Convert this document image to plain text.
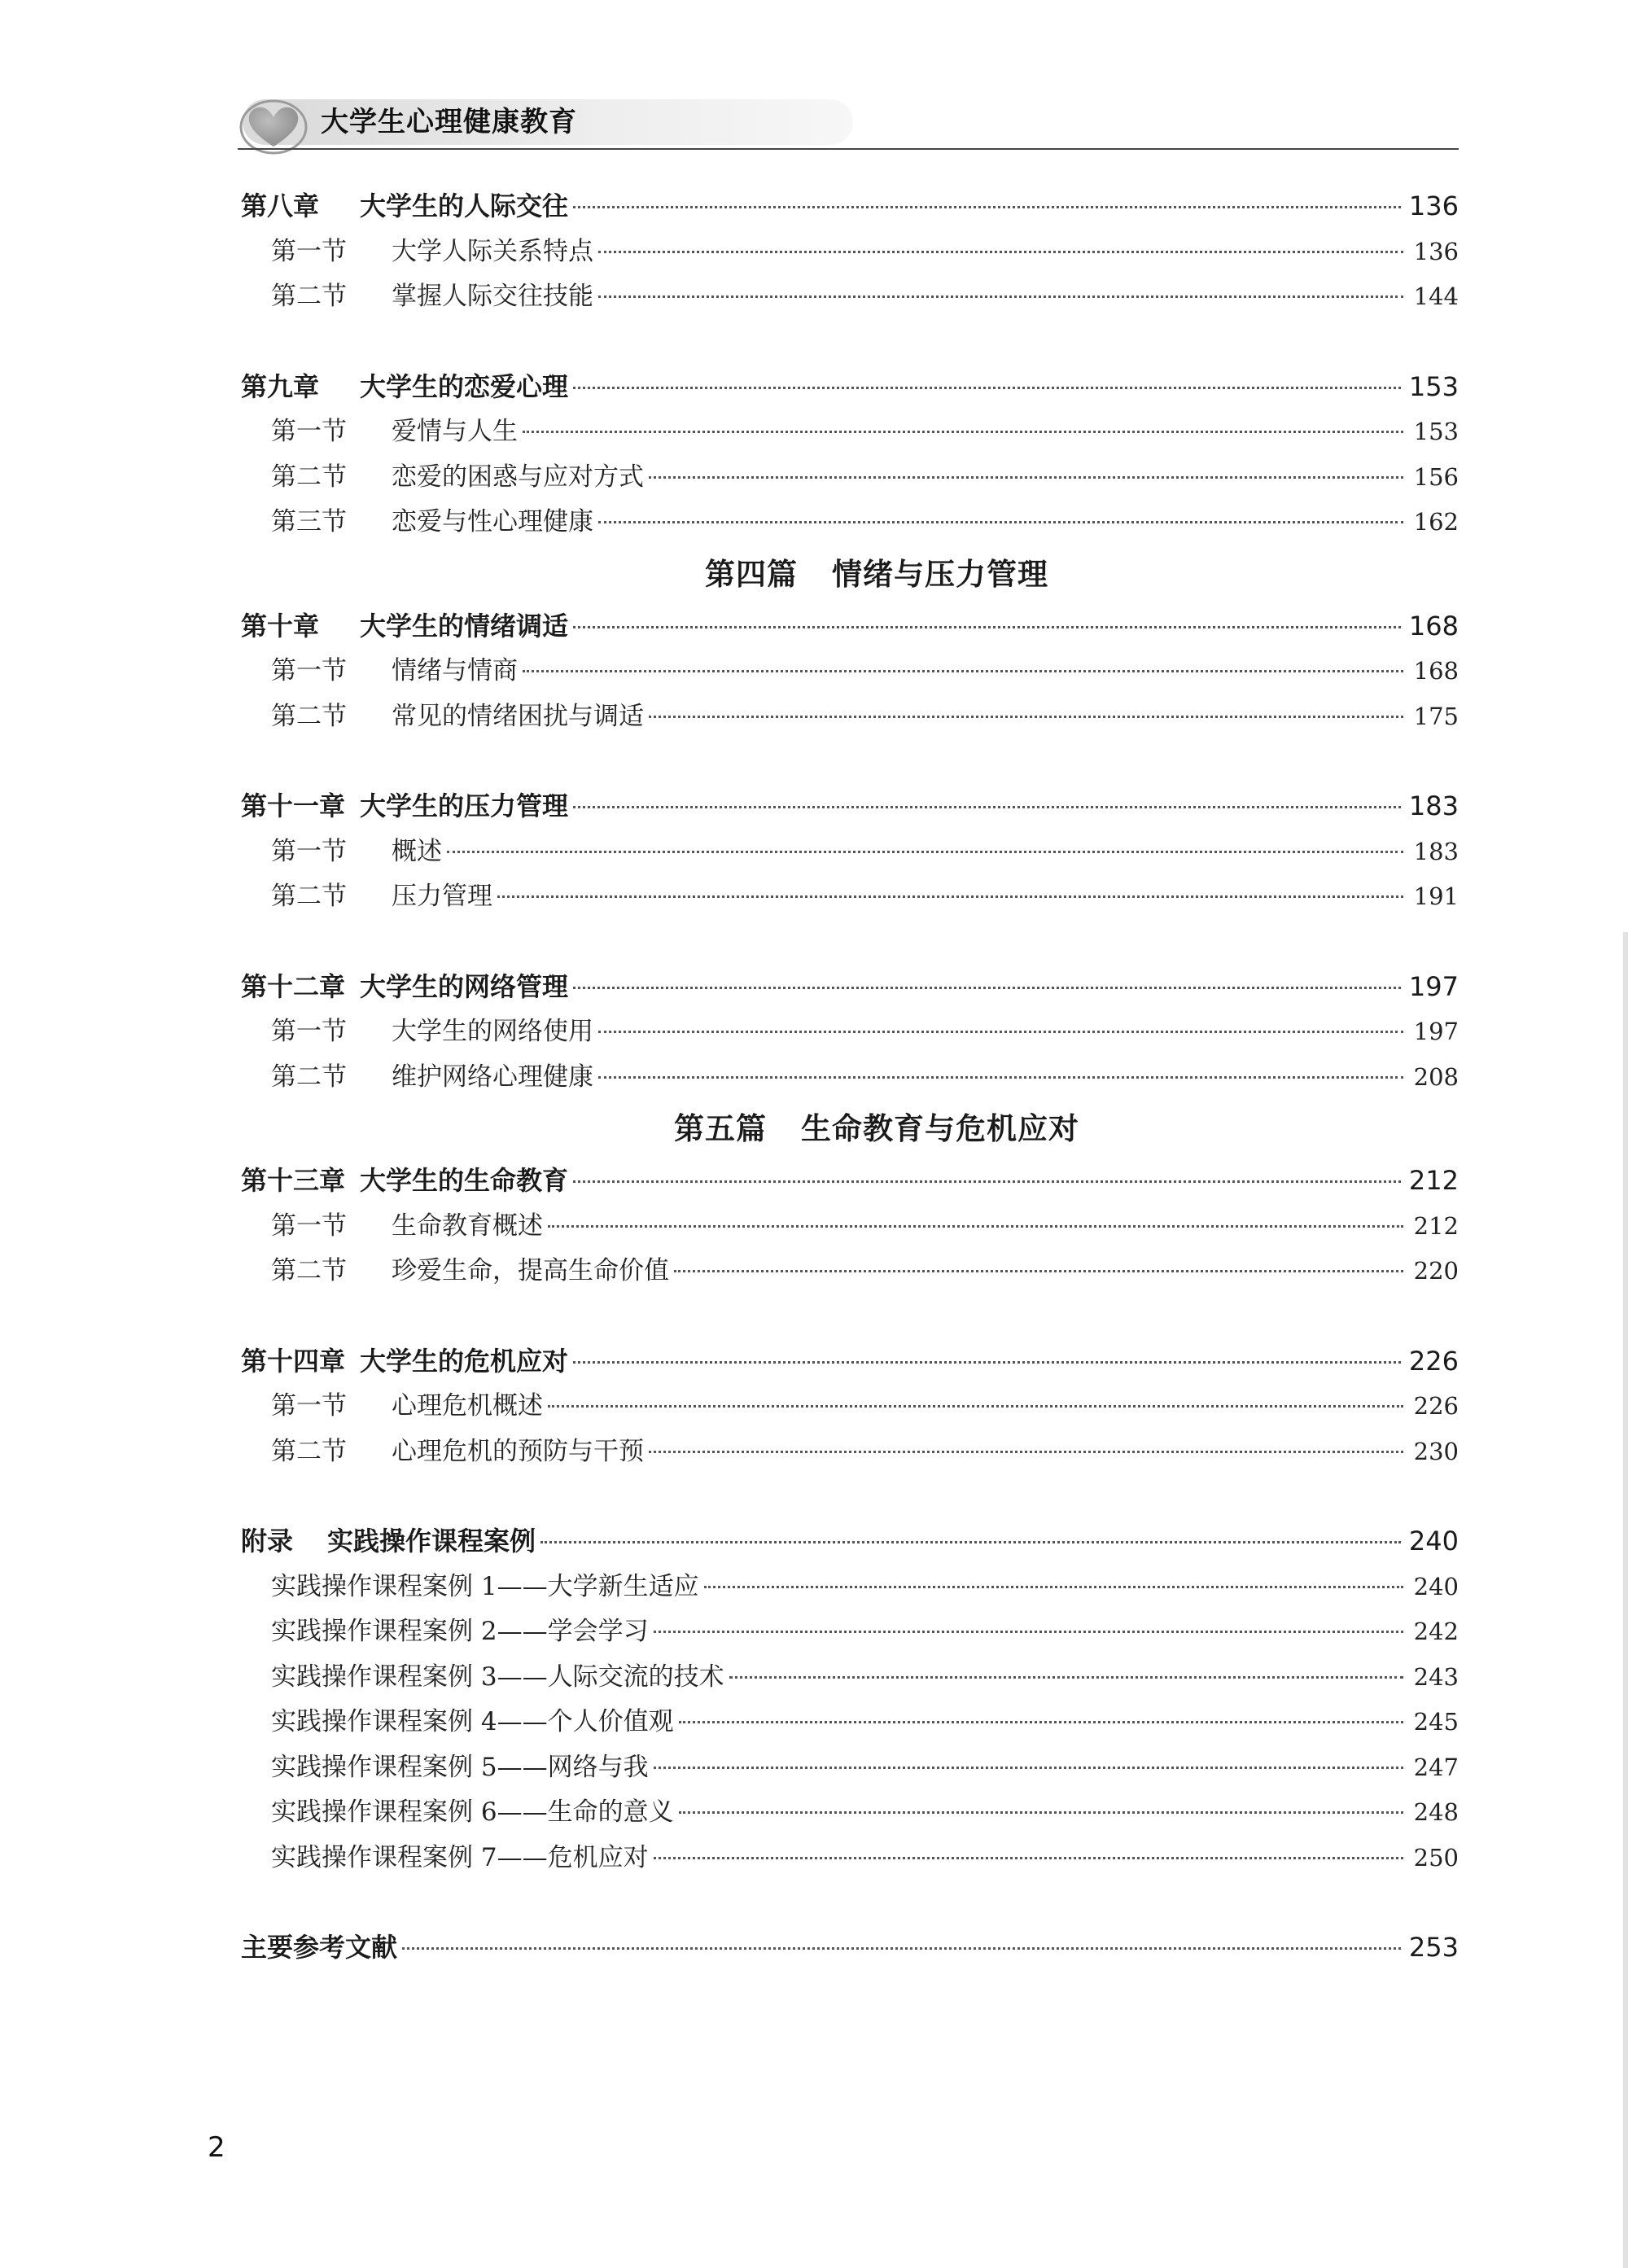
大学生心理健康教育
第八章	大学生的人际交往	136
第一节	大学人际关系特点	136
第二节	掌握人际交往技能	144
第九章	大学生的恋爱心理	153
第一节	爱情与人生	153
第二节	恋爱的困惑与应对方式	156
第三节	恋爱与性心理健康	162
第四篇 情绪与压力管理
第十章	大学生的情绪调适	168
第一节	情绪与情商	168
第二节	常见的情绪困扰与调适	175
第十一章 大学生的压力管理	183
第一节	概述	183
第二节	压力管理	191
第十二章 大学生的网络管理	197
第一节	大学生的网络使用	197
第二节	维护网络心理健康	208
第五篇 生命教育与危机应对
第十三章 大学生的生命教育	212
第一节	生命教育概述	212
第二节	珍爱生命，提高生命价值	220
第十四章 大学生的危机应对	226
第一节	心理危机概述	226
第二节	心理危机的预防与干预	230
附录	实践操作课程案例	240
实践操作课程案例 1——大学新生适应	240
实践操作课程案例 2——学会学习	242
实践操作课程案例 3——人际交流的技术	243
实践操作课程案例 4——个人价值观	245
实践操作课程案例 5——网络与我	247
实践操作课程案例 6——生命的意义	248
实践操作课程案例 7——危机应对	250
主要参考文献	253
2
